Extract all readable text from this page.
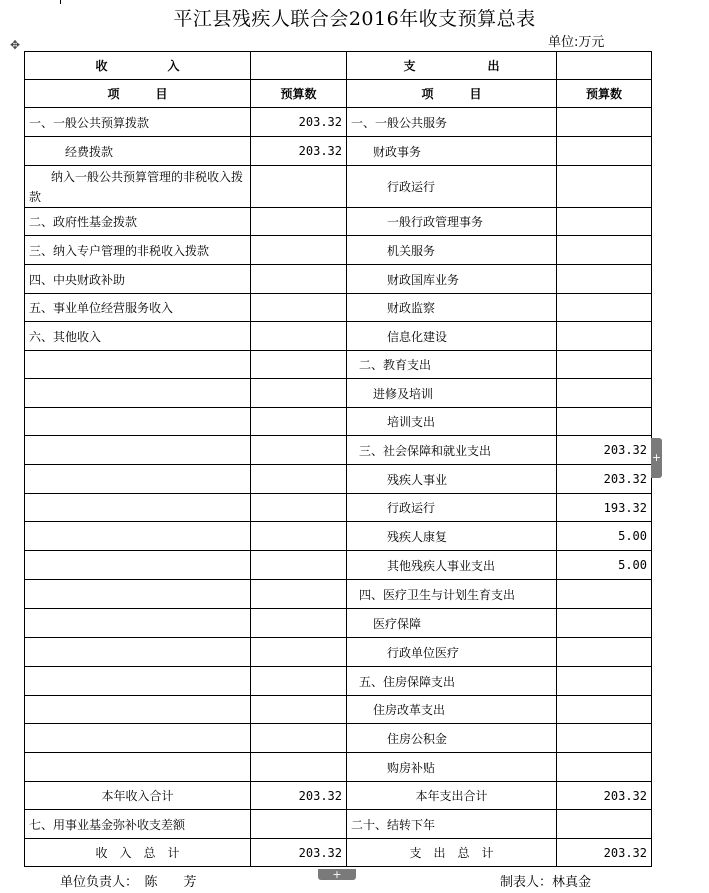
平江县残疾人联合会2016年收支预算总表
单位:万元
✥
收　　　　　入		支　　　　　　出	
项　　　目	预算数	项　　　目	预算数
一、一般公共预算拨款	203.32	一、一般公共服务	
经费拨款	203.32	财政事务	
纳入一般公共预算管理的非税收入拨款		行政运行	
二、政府性基金拨款		一般行政管理事务	
三、纳入专户管理的非税收入拨款		机关服务	
四、中央财政补助		财政国库业务	
五、事业单位经营服务收入		财政监察	
六、其他收入		信息化建设	
		二、教育支出	
		进修及培训	
		培训支出	
		三、社会保障和就业支出	203.32
		残疾人事业	203.32
		行政运行	193.32
		残疾人康复	5.00
		其他残疾人事业支出	5.00
		四、医疗卫生与计划生育支出	
		医疗保障	
		行政单位医疗	
		五、住房保障支出	
		住房改革支出	
		住房公积金	
		购房补贴	
本年收入合计	203.32	本年支出合计	203.32
七、用事业基金弥补收支差额		二十、结转下年	
收　入　总　计	203.32	支　出　总　计	203.32
+
+
单位负责人：　陈　　芳	制表人：林真金
